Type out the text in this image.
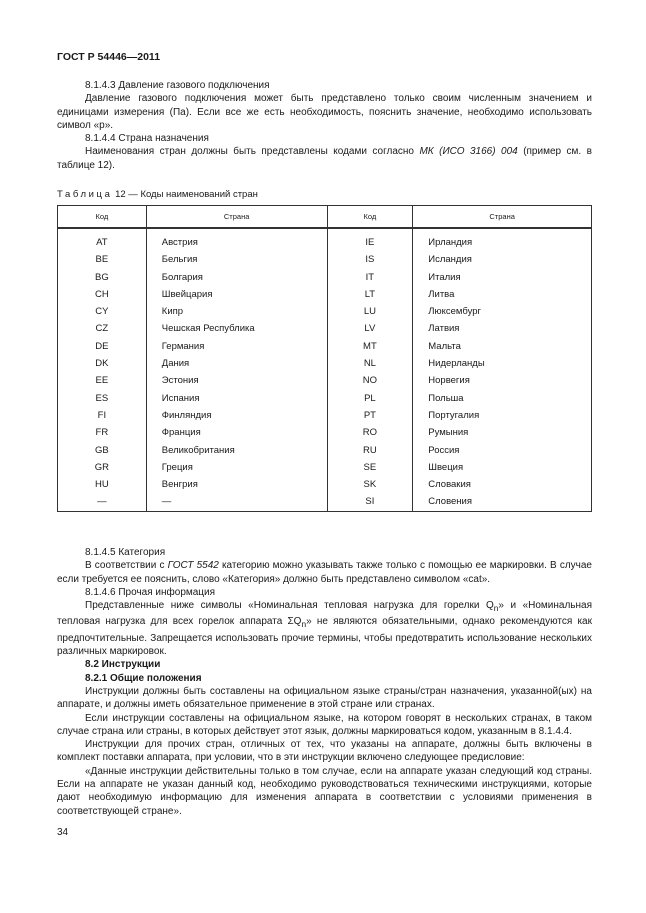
ГОСТ Р 54446—2011

8.1.4.3 Давление газового подключения

Давление газового подключения может быть представлено только своим численным значением и единицами измерения (Па). Если все же есть необходимость, пояснить значение, необходимо использовать символ «p».

8.1.4.4 Страна назначения

Наименования стран должны быть представлены кодами согласно МК (ИСО 3166) 004 (пример см. в таблице 12).

Таблица 12 — Коды наименований стран
Код	Страна	Код	Страна

AT	Австрия	IE	Ирландия
BE	Бельгия	IS	Исландия
BG	Болгария	IT	Италия
CH	Швейцария	LT	Литва
CY	Кипр	LU	Люксембург
CZ	Чешская Республика	LV	Латвия
DE	Германия	MT	Мальта
DK	Дания	NL	Нидерланды
EE	Эстония	NO	Норвегия
ES	Испания	PL	Польша
FI	Финляндия	PT	Португалия
FR	Франция	RO	Румыния
GB	Великобритания	RU	Россия
GR	Греция	SE	Швеция
HU	Венгрия	SK	Словакия
—	—	SI	Словения

8.1.4.5 Категория

В соответствии с ГОСТ 5542 категорию можно указывать также только с помощью ее маркировки. В случае если требуется ее пояснить, слово «Категория» должно быть представлено символом «cat».

8.1.4.6 Прочая информация

Представленные ниже символы «Номинальная тепловая нагрузка для горелки $Q_n$» и «Номинальная тепловая нагрузка для всех горелок аппарата $\Sigma Q_n$» не являются обязательными, однако рекомендуются как предпочтительные. Запрещается использовать прочие термины, чтобы предотвратить использование нескольких различных маркировок.

8.2 Инструкции

8.2.1 Общие положения

Инструкции должны быть составлены на официальном языке страны/стран назначения, указанной(ых) на аппарате, и должны иметь обязательное применение в этой стране или странах.

Если инструкции составлены на официальном языке, на котором говорят в нескольких странах, в таком случае страна или страны, в которых действует этот язык, должны маркироваться кодом, указанным в 8.1.4.4.

Инструкции для прочих стран, отличных от тех, что указаны на аппарате, должны быть включены в комплект поставки аппарата, при условии, что в эти инструкции включено следующее предисловие:

«Данные инструкции действительны только в том случае, если на аппарате указан следующий код страны. Если на аппарате не указан данный код, необходимо руководствоваться техническими инструкциями, которые дают необходимую информацию для изменения аппарата в соответствии с условиями применения в соответствующей стране».

34
